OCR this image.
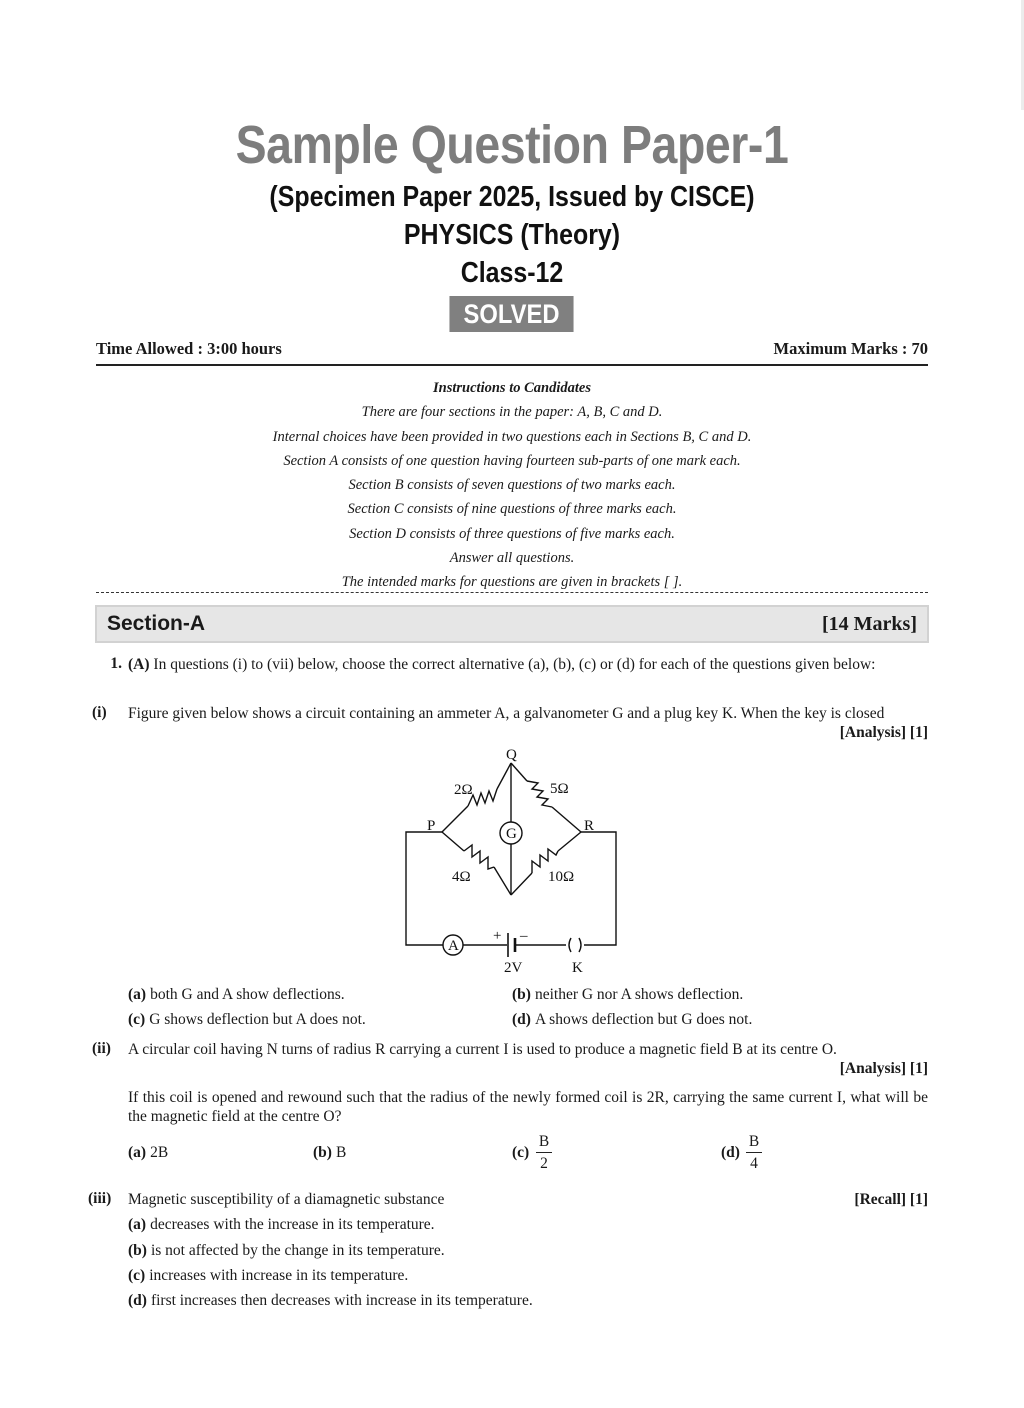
Sample Question Paper-1
(Specimen Paper 2025, Issued by CISCE)
PHYSICS (Theory)
Class-12
SOLVED
Time Allowed : 3:00 hours	Maximum Marks : 70
Instructions to Candidates
There are four sections in the paper: A, B, C and D.
Internal choices have been provided in two questions each in Sections B, C and D.
Section A consists of one question having fourteen sub-parts of one mark each.
Section B consists of seven questions of two marks each.
Section C consists of nine questions of three marks each.
Section D consists of three questions of five marks each.
Answer all questions.
The intended marks for questions are given in brackets [ ].
Section-A	[14 Marks]
1. (A) In questions (i) to (vii) below, choose the correct alternative (a), (b), (c) or (d) for each of the questions given below:
(i)	Figure given below shows a circuit containing an ammeter A, a galvanometer G and a plug key K. When the key is closed
[Analysis] [1]
Q
P	R
2Ω	5Ω
4Ω	10Ω
G
A
+ –
2V	K
(a) both G and A show deflections.	(b) neither G nor A shows deflection.
(c) G shows deflection but A does not.	(d) A shows deflection but G does not.
(ii)	A circular coil having N turns of radius R carrying a current I is used to produce a magnetic field B at its centre O.
[Analysis] [1]
If this coil is opened and rewound such that the radius of the newly formed coil is 2R, carrying the same current I, what will be the magnetic field at the centre O?
(a) 2B	(b) B	(c)
B
2
(d)
B
4
(iii)	Magnetic susceptibility of a diamagnetic substance	[Recall] [1]
(a) decreases with the increase in its temperature.
(b) is not affected by the change in its temperature.
(c) increases with increase in its temperature.
(d) first increases then decreases with increase in its temperature.
